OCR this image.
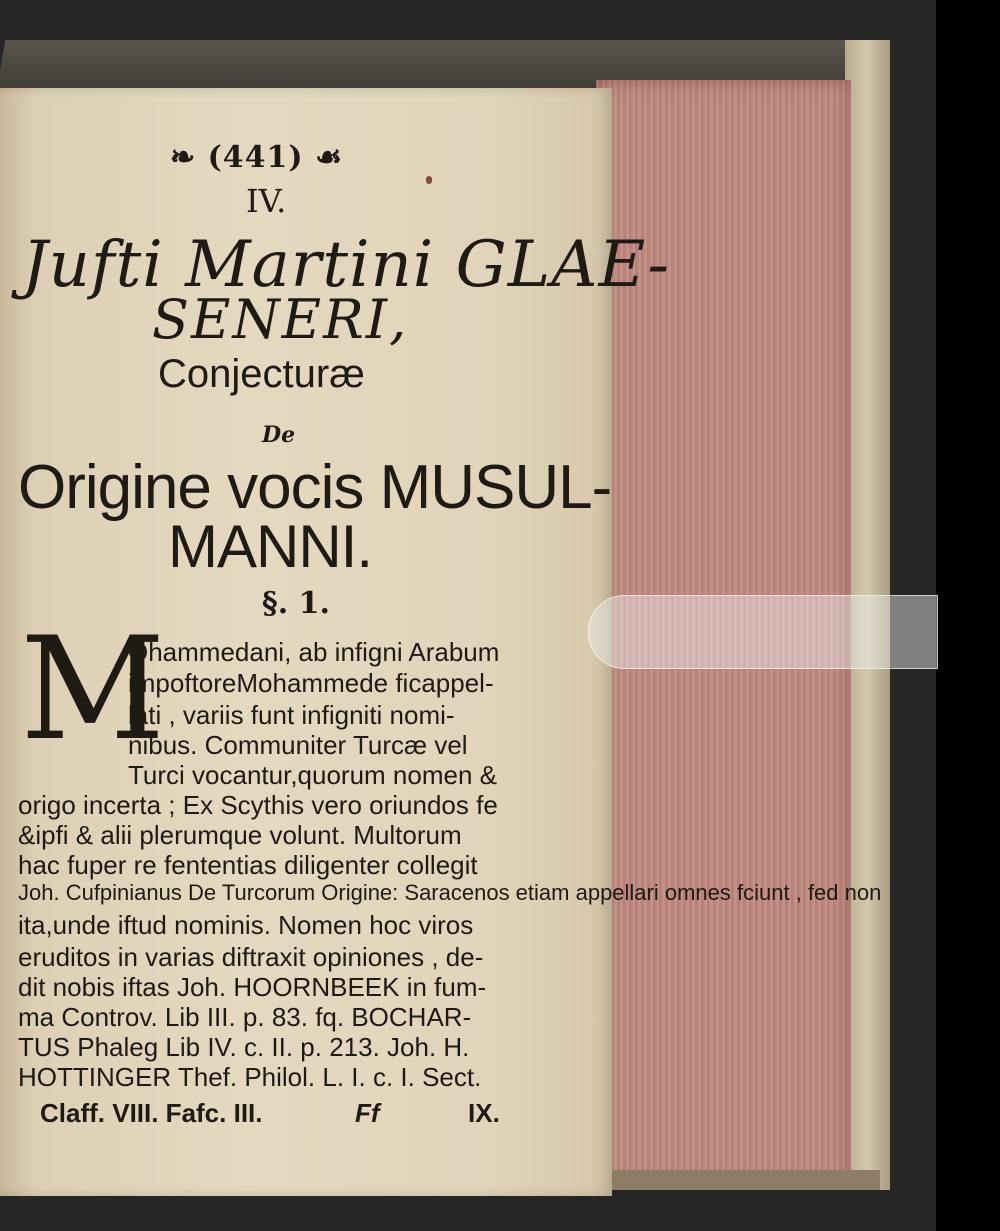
❧ (441) ☙
IV.
Jufti Martini GLAE-
SENERI,
Conjecturæ
De
Origine vocis MUSUL-
MANNI.
§. 1.
M
Ohammedani, ab infigni Arabum
impoftoreMohammede ficappel-
lati , variis funt infigniti nomi-
nibus. Communiter Turcæ vel
Turci vocantur,quorum nomen &
origo incerta ; Ex Scythis vero oriundos fe
&ipfi & alii plerumque volunt. Multorum
hac fuper re fententias diligenter collegit
Joh. Cufpinianus De Turcorum Origine: Saracenos etiam appellari omnes fciunt , fed non
ita,unde iftud nominis. Nomen hoc viros
eruditos in varias diftraxit opiniones , de-
dit nobis iftas Joh. HOORNBEEK in fum-
ma Controv. Lib III. p. 83. fq. BOCHAR-
TUS Phaleg Lib IV. c. II. p. 213. Joh. H.
HOTTINGER Thef. Philol. L. I. c. I. Sect.
Claff. VIII. Fafc. III.	Ff	IX.
